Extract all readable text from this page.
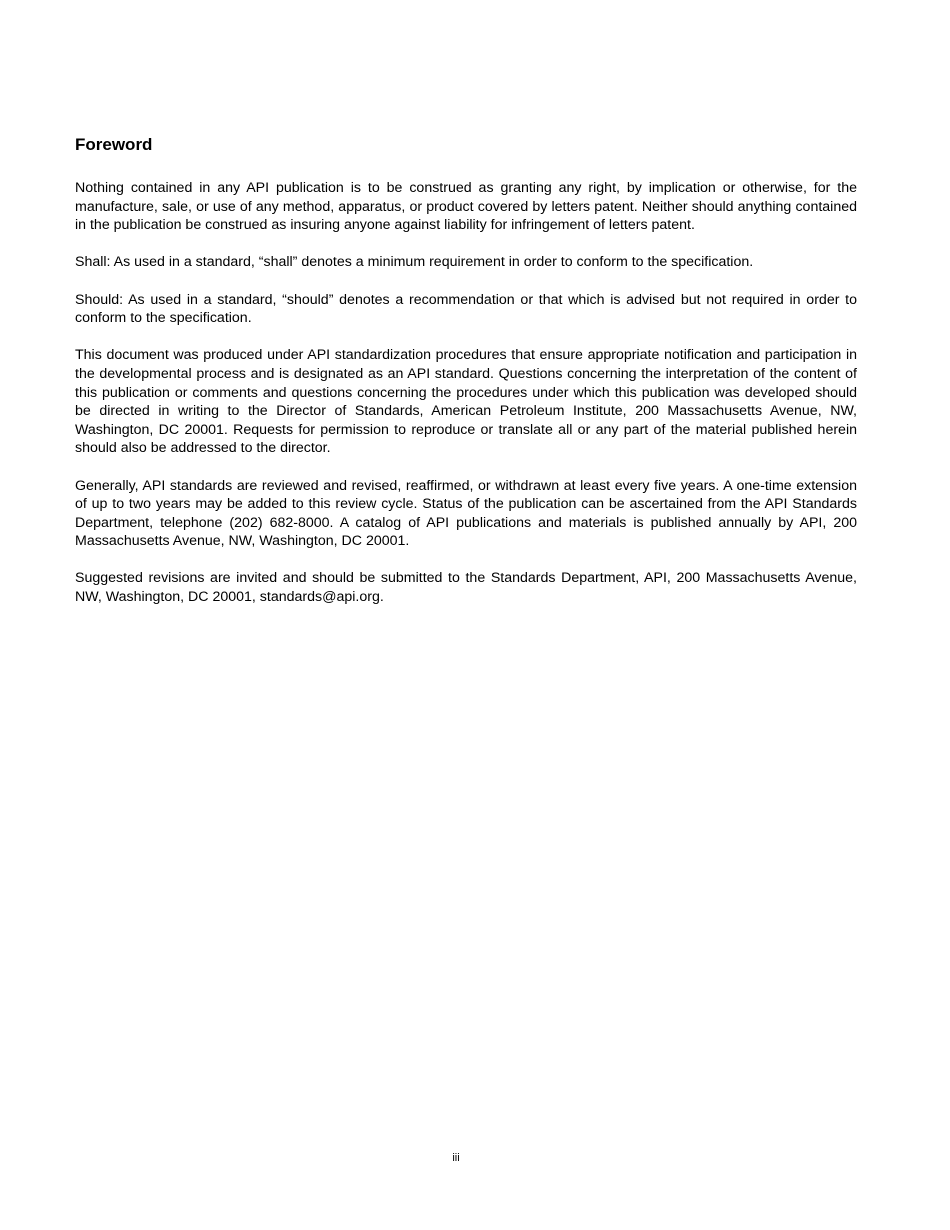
Foreword

Nothing contained in any API publication is to be construed as granting any right, by implication or otherwise, for the manufacture, sale, or use of any method, apparatus, or product covered by letters patent. Neither should anything contained in the publication be construed as insuring anyone against liability for infringement of letters patent.

Shall: As used in a standard, “shall” denotes a minimum requirement in order to conform to the specification.

Should: As used in a standard, “should” denotes a recommendation or that which is advised but not required in order to conform to the specification.

This document was produced under API standardization procedures that ensure appropriate notification and participation in the developmental process and is designated as an API standard. Questions concerning the interpretation of the content of this publication or comments and questions concerning the procedures under which this publication was developed should be directed in writing to the Director of Standards, American Petroleum Institute, 200 Massachusetts Avenue, NW, Washington, DC 20001. Requests for permission to reproduce or translate all or any part of the material published herein should also be addressed to the director.

Generally, API standards are reviewed and revised, reaffirmed, or withdrawn at least every five years. A one-time extension of up to two years may be added to this review cycle. Status of the publication can be ascertained from the API Standards Department, telephone (202) 682-8000. A catalog of API publications and materials is published annually by API, 200 Massachusetts Avenue, NW, Washington, DC 20001.

Suggested revisions are invited and should be submitted to the Standards Department, API, 200 Massachusetts Avenue, NW, Washington, DC 20001, standards@api.org.

iii
